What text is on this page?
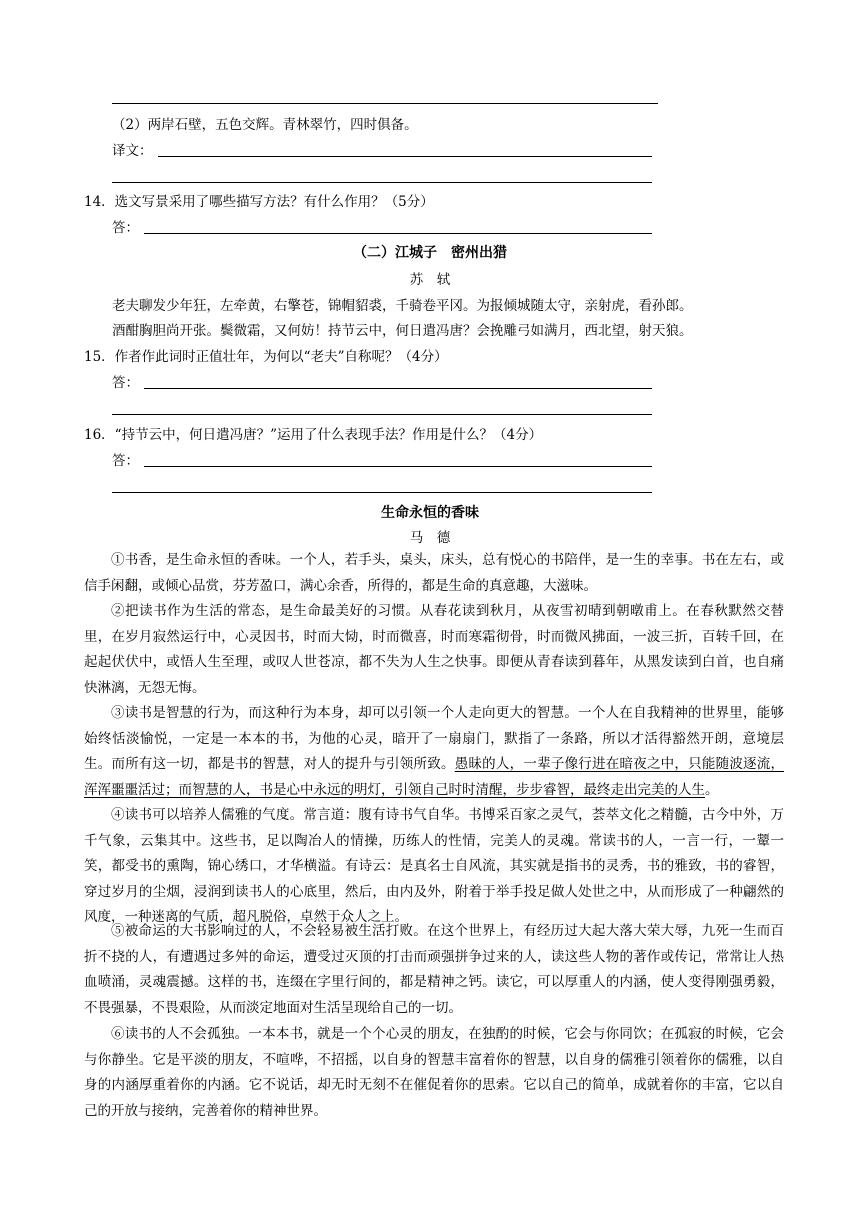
（2）两岸石壁，五色交辉。青林翠竹，四时俱备。
译文：
14．选文写景采用了哪些描写方法？有什么作用？（5分）
答：
（二）江城子　密州出猎
苏　轼
老夫聊发少年狂，左牵黄，右擎苍，锦帽貂裘，千骑卷平冈。为报倾城随太守，亲射虎，看孙郎。
酒酣胸胆尚开张。鬓微霜，又何妨！持节云中，何日遣冯唐？会挽雕弓如满月，西北望，射天狼。
15．作者作此词时正值壮年，为何以“老夫”自称呢？（4分）
答：
16．“持节云中，何日遣冯唐？”运用了什么表现手法？作用是什么？（4分）
答：
生命永恒的香味
马　德

①书香，是生命永恒的香味。一个人，若手头，桌头，床头，总有悦心的书陪伴，是一生的幸事。书在左右，或信手闲翻，或倾心品赏，芬芳盈口，满心余香，所得的，都是生命的真意趣，大滋味。

②把读书作为生活的常态，是生命最美好的习惯。从春花读到秋月，从夜雪初晴到朝暾甫上。在春秋默然交替里，在岁月寂然运行中，心灵因书，时而大恸，时而微喜，时而寒霜彻骨，时而微风拂面，一波三折，百转千回，在起起伏伏中，或悟人生至理，或叹人世苍凉，都不失为人生之快事。即便从青春读到暮年，从黑发读到白首，也自痛快淋漓，无怨无悔。

③读书是智慧的行为，而这种行为本身，却可以引领一个人走向更大的智慧。一个人在自我精神的世界里，能够始终恬淡愉悦，一定是一本本的书，为他的心灵，暗开了一扇扇门，默指了一条路，所以才活得豁然开朗，意境层生。而所有这一切，都是书的智慧，对人的提升与引领所致。愚昧的人，一辈子像行进在暗夜之中，只能随波逐流，浑浑噩噩活过；而智慧的人，书是心中永远的明灯，引领自己时时清醒，步步睿智，最终走出完美的人生。

④读书可以培养人儒雅的气度。常言道：腹有诗书气自华。书博采百家之灵气，荟萃文化之精髓，古今中外，万千气象，云集其中。这些书，足以陶冶人的情操，历练人的性情，完美人的灵魂。常读书的人，一言一行，一颦一笑，都受书的熏陶，锦心绣口，才华横溢。有诗云：是真名士自风流，其实就是指书的灵秀，书的雅致，书的睿智，穿过岁月的尘烟，浸润到读书人的心底里，然后，由内及外，附着于举手投足做人处世之中，从而形成了一种翩然的风度，一种迷离的气质，超凡脱俗，卓然于众人之上。

⑤被命运的大书影响过的人，不会轻易被生活打败。在这个世界上，有经历过大起大落大荣大辱，九死一生而百折不挠的人，有遭遇过多舛的命运，遭受过灭顶的打击而顽强拼争过来的人，读这些人物的著作或传记，常常让人热血喷涌，灵魂震撼。这样的书，连缀在字里行间的，都是精神之钙。读它，可以厚重人的内涵，使人变得刚强勇毅，不畏强暴，不畏艰险，从而淡定地面对生活呈现给自己的一切。

⑥读书的人不会孤独。一本本书，就是一个个心灵的朋友，在独酌的时候，它会与你同饮；在孤寂的时候，它会与你静坐。它是平淡的朋友，不喧哗，不招摇，以自身的智慧丰富着你的智慧，以自身的儒雅引领着你的儒雅，以自身的内涵厚重着你的内涵。它不说话，却无时无刻不在催促着你的思索。它以自己的简单，成就着你的丰富，它以自己的开放与接纳，完善着你的精神世界。
